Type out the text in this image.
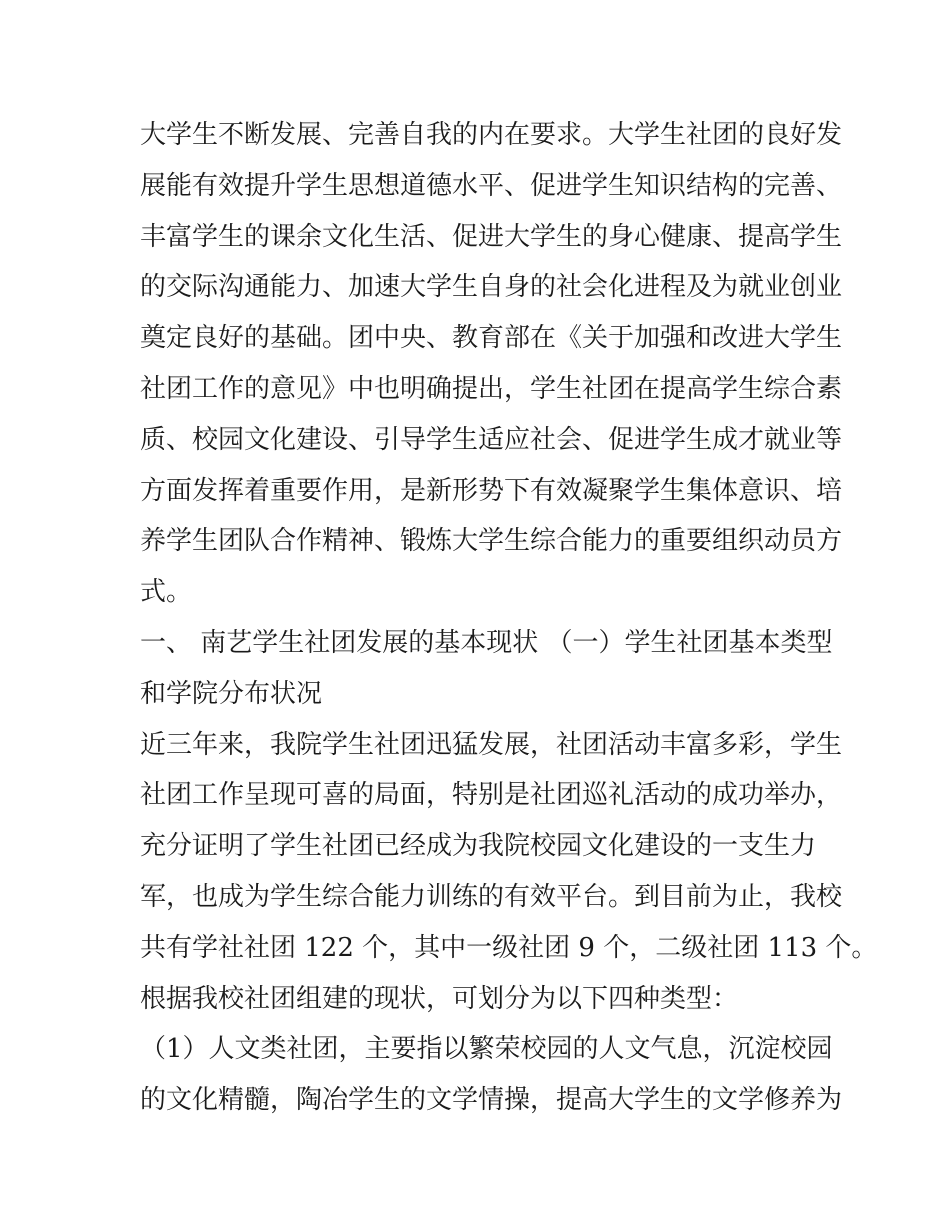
大学生不断发展、完善自我的内在要求。大学生社团的良好发
展能有效提升学生思想道德水平、促进学生知识结构的完善、
丰富学生的课余文化生活、促进大学生的身心健康、提高学生
的交际沟通能力、加速大学生自身的社会化进程及为就业创业
奠定良好的基础。团中央、教育部在《关于加强和改进大学生
社团工作的意见》中也明确提出，学生社团在提高学生综合素
质、校园文化建设、引导学生适应社会、促进学生成才就业等
方面发挥着重要作用，是新形势下有效凝聚学生集体意识、培
养学生团队合作精神、锻炼大学生综合能力的重要组织动员方
式。
一、 南艺学生社团发展的基本现状 （一）学生社团基本类型
和学院分布状况
近三年来，我院学生社团迅猛发展，社团活动丰富多彩，学生
社团工作呈现可喜的局面，特别是社团巡礼活动的成功举办，
充分证明了学生社团已经成为我院校园文化建设的一支生力
军，也成为学生综合能力训练的有效平台。到目前为止，我校
共有学社社团 122 个，其中一级社团 9 个，二级社团 113 个。
根据我校社团组建的现状，可划分为以下四种类型：
（1）人文类社团，主要指以繁荣校园的人文气息，沉淀校园
的文化精髓，陶冶学生的文学情操，提高大学生的文学修养为
